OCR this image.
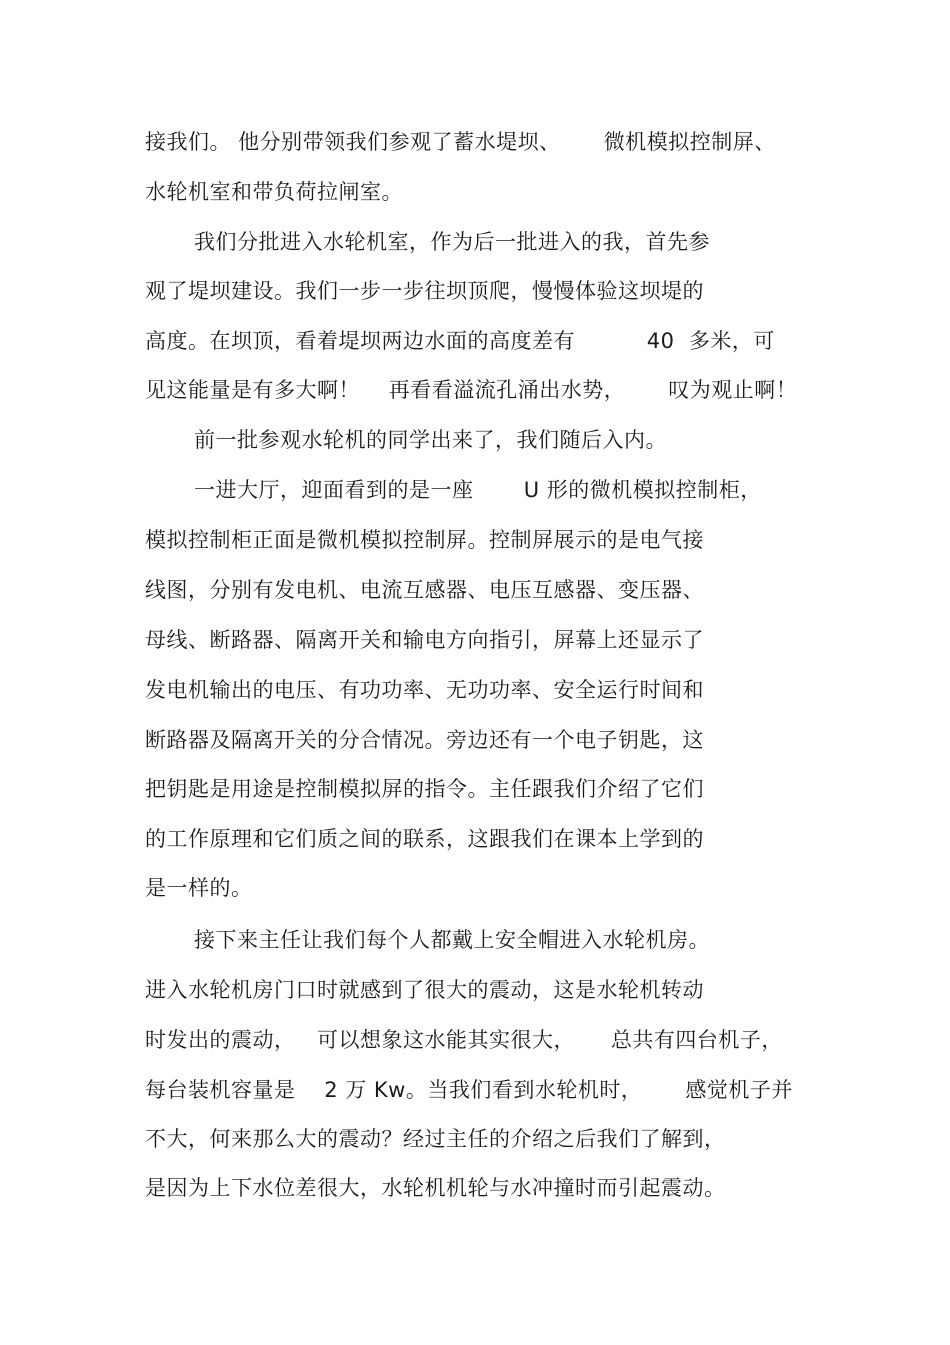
接我们。 他分别带领我们参观了蓄水堤坝、      微机模拟控制屏、
水轮机室和带负荷拉闸室。
我们分批进入水轮机室，作为后一批进入的我，首先参
观了堤坝建设。我们一步一步往坝顶爬，慢慢体验这坝堤的
高度。在坝顶，看着堤坝两边水面的高度差有          40  多米，可
见这能量是有多大啊！    再看看溢流孔涌出水势，      叹为观止啊！
前一批参观水轮机的同学出来了，我们随后入内。
一进大厅，迎面看到的是一座       U 形的微机模拟控制柜，
模拟控制柜正面是微机模拟控制屏。控制屏展示的是电气接
线图，分别有发电机、电流互感器、电压互感器、变压器、
母线、断路器、隔离开关和输电方向指引，屏幕上还显示了
发电机输出的电压、有功功率、无功功率、安全运行时间和
断路器及隔离开关的分合情况。旁边还有一个电子钥匙，这
把钥匙是用途是控制模拟屏的指令。主任跟我们介绍了它们
的工作原理和它们质之间的联系，这跟我们在课本上学到的
是一样的。
接下来主任让我们每个人都戴上安全帽进入水轮机房。
进入水轮机房门口时就感到了很大的震动，这是水轮机转动
时发出的震动，   可以想象这水能其实很大，     总共有四台机子，
每台装机容量是    2 万 Kw。当我们看到水轮机时，      感觉机子并
不大，何来那么大的震动？经过主任的介绍之后我们了解到，
是因为上下水位差很大，水轮机机轮与水冲撞时而引起震动。
